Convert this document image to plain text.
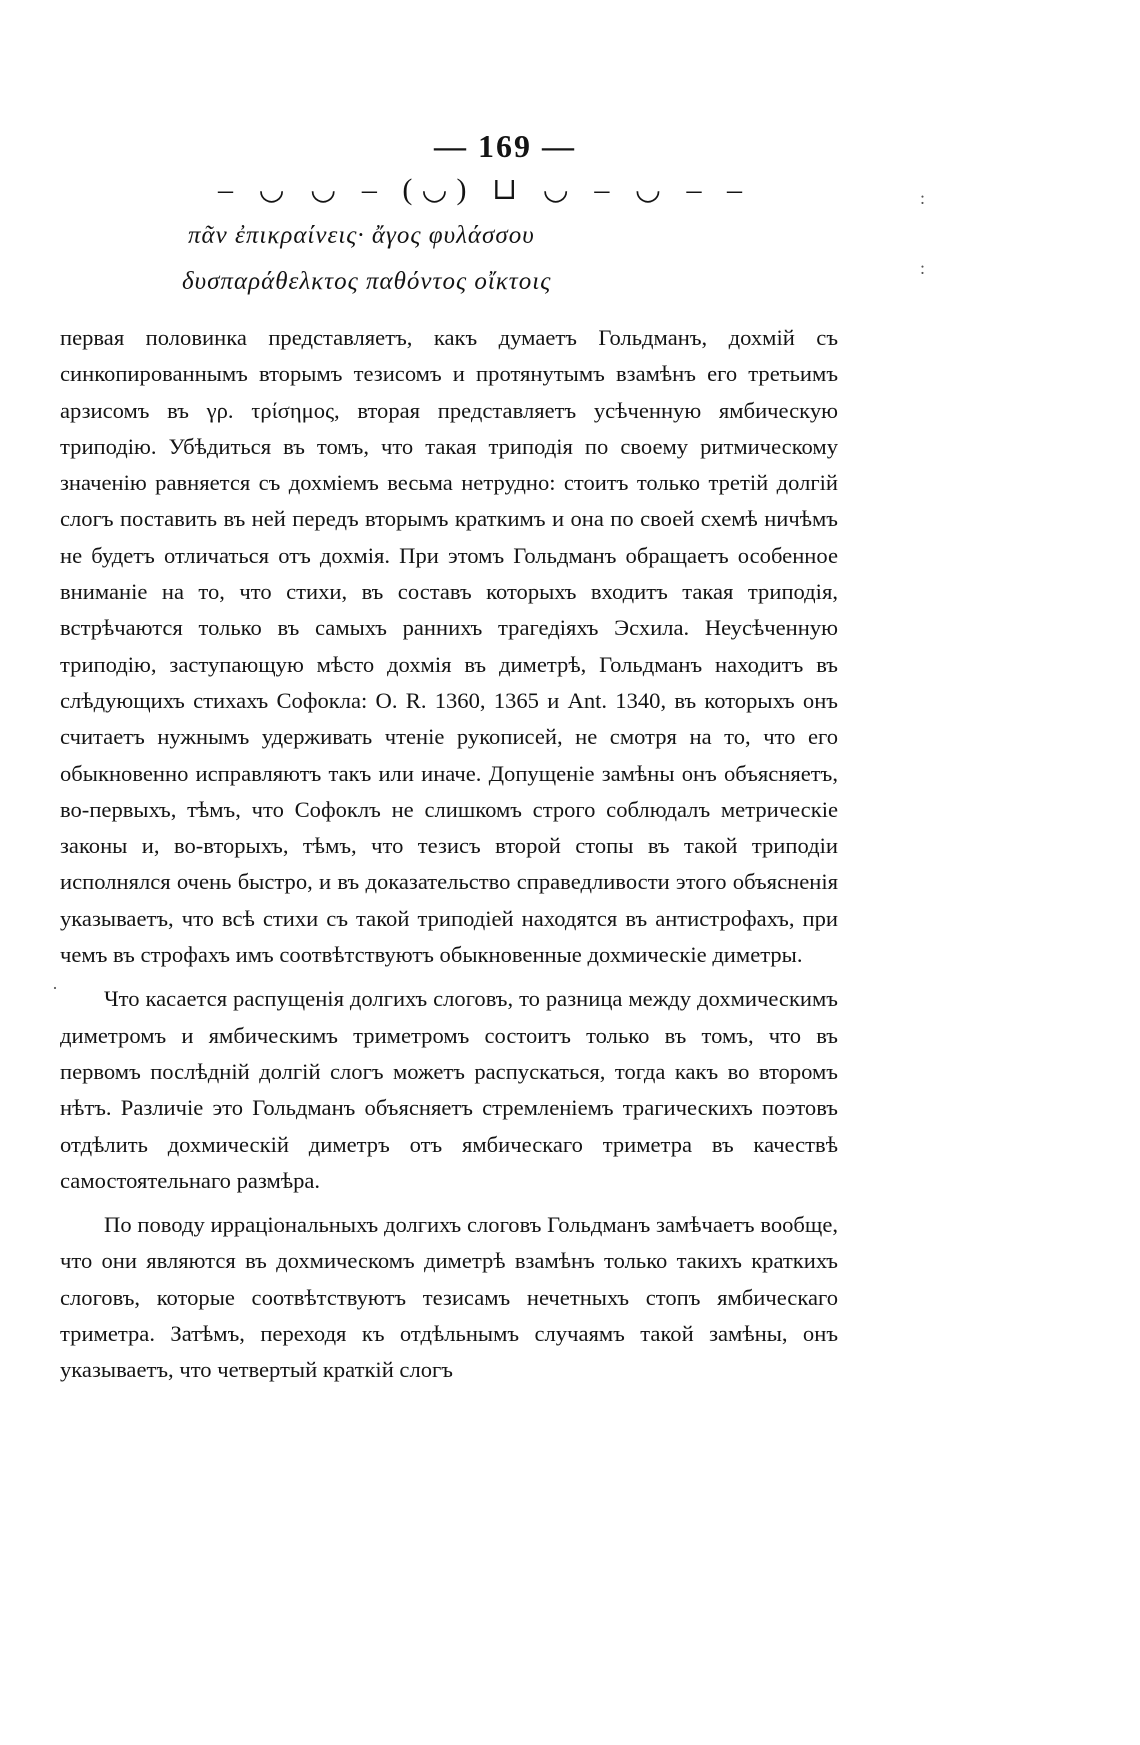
— 169 —
– ◡ ◡ – (◡) ⊔ ◡ – ◡ – –
πᾶν ἐπικραίνεις· ἄγος φυλάσσου
δυσπαράθελκτος παθόντος οἴκτοις

первая половинка представляетъ, какъ думаетъ Гольдманъ, дохмій съ синкопированнымъ вторымъ тезисомъ и протянутымъ взамѣнъ его третьимъ арзисомъ въ γρ. τρίσημος, вторая представляетъ усѣченную ямбическую триподію. Убѣдиться въ томъ, что такая триподія по своему ритмическому значенію равняется съ дохміемъ весьма нетрудно: стоитъ только третій долгій слогъ поставить въ ней передъ вторымъ краткимъ и она по своей схемѣ ничѣмъ не будетъ отличаться отъ дохмія. При этомъ Гольдманъ обращаетъ особенное вниманіе на то, что стихи, въ составъ которыхъ входитъ такая триподія, встрѣчаются только въ самыхъ раннихъ трагедіяхъ Эсхила. Неусѣченную триподію, заступающую мѣсто дохмія въ диметрѣ, Гольдманъ находитъ въ слѣдующихъ стихахъ Софокла: O. R. 1360, 1365 и Ant. 1340, въ которыхъ онъ считаетъ нужнымъ удерживать чтеніе рукописей, не смотря на то, что его обыкновенно исправляютъ такъ или иначе. Допущеніе замѣны онъ объясняетъ, во-первыхъ, тѣмъ, что Софоклъ не слишкомъ строго соблюдалъ метрическіе законы и, во-вторыхъ, тѣмъ, что тезисъ второй стопы въ такой триподіи исполнялся очень быстро, и въ доказательство справедливости этого объясненія указываетъ, что всѣ стихи съ такой триподіей находятся въ антистрофахъ, при чемъ въ строфахъ имъ соотвѣтствуютъ обыкновенные дохмическіе диметры.

Что касается распущенія долгихъ слоговъ, то разница между дохмическимъ диметромъ и ямбическимъ триметромъ состоитъ только въ томъ, что въ первомъ послѣдній долгій слогъ можетъ распускаться, тогда какъ во второмъ нѣтъ. Различіе это Гольдманъ объясняетъ стремленіемъ трагическихъ поэтовъ отдѣлить дохмическій диметръ отъ ямбическаго триметра въ качествѣ самостоятельнаго размѣра.

По поводу ирраціональныхъ долгихъ слоговъ Гольдманъ замѣчаетъ вообще, что они являются въ дохмическомъ диметрѣ взамѣнъ только такихъ краткихъ слоговъ, которые соотвѣтствуютъ тезисамъ нечетныхъ стопъ ямбическаго триметра. Затѣмъ, переходя къ отдѣльнымъ случаямъ такой замѣны, онъ указываетъ, что четвертый краткій слогъ

·
:
:
